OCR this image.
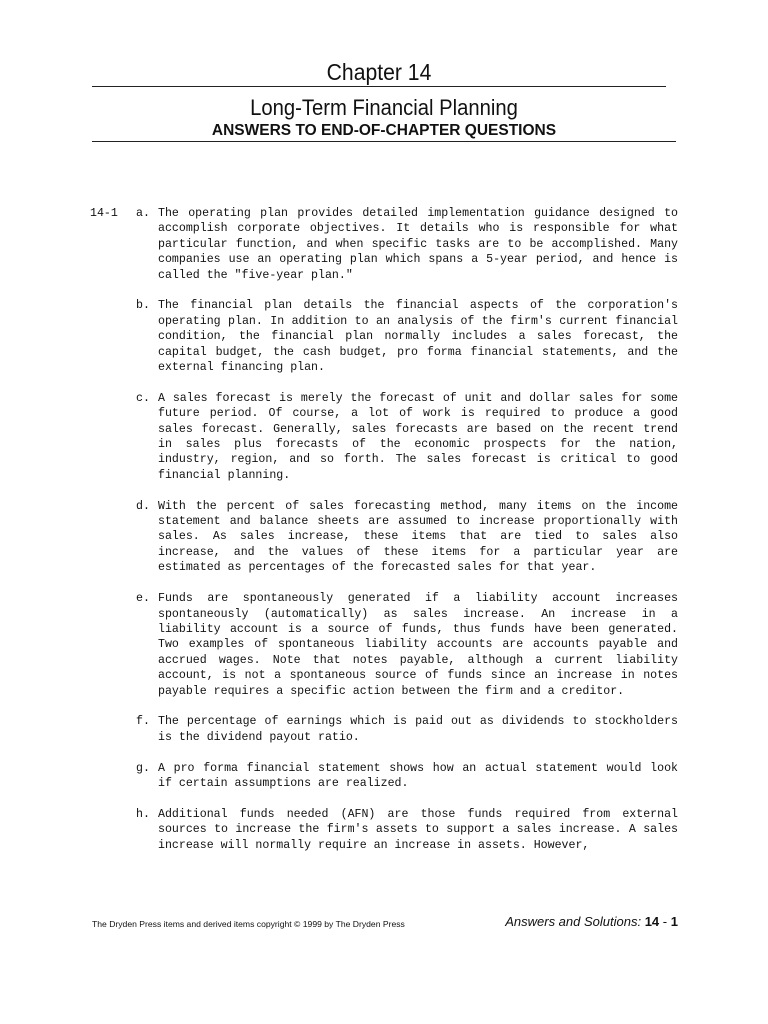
Chapter 14
Long-Term Financial Planning
ANSWERS TO END-OF-CHAPTER QUESTIONS
14-1 a. The operating plan provides detailed implementation guidance designed to accomplish corporate objectives. It details who is responsible for what particular function, and when specific tasks are to be accomplished. Many companies use an operating plan which spans a 5-year period, and hence is called the "five-year plan."
b. The financial plan details the financial aspects of the corporation's operating plan. In addition to an analysis of the firm's current financial condition, the financial plan normally includes a sales forecast, the capital budget, the cash budget, pro forma financial statements, and the external financing plan.
c. A sales forecast is merely the forecast of unit and dollar sales for some future period. Of course, a lot of work is required to produce a good sales forecast. Generally, sales forecasts are based on the recent trend in sales plus forecasts of the economic prospects for the nation, industry, region, and so forth. The sales forecast is critical to good financial planning.
d. With the percent of sales forecasting method, many items on the income statement and balance sheets are assumed to increase proportionally with sales. As sales increase, these items that are tied to sales also increase, and the values of these items for a particular year are estimated as percentages of the forecasted sales for that year.
e. Funds are spontaneously generated if a liability account increases spontaneously (automatically) as sales increase. An increase in a liability account is a source of funds, thus funds have been generated. Two examples of spontaneous liability accounts are accounts payable and accrued wages. Note that notes payable, although a current liability account, is not a spontaneous source of funds since an increase in notes payable requires a specific action between the firm and a creditor.
f. The percentage of earnings which is paid out as dividends to stockholders is the dividend payout ratio.
g. A pro forma financial statement shows how an actual statement would look if certain assumptions are realized.
h. Additional funds needed (AFN) are those funds required from external sources to increase the firm's assets to support a sales increase. A sales increase will normally require an increase in assets. However,
The Dryden Press items and derived items copyright © 1999 by The Dryden Press	Answers and Solutions: 14 - 1
